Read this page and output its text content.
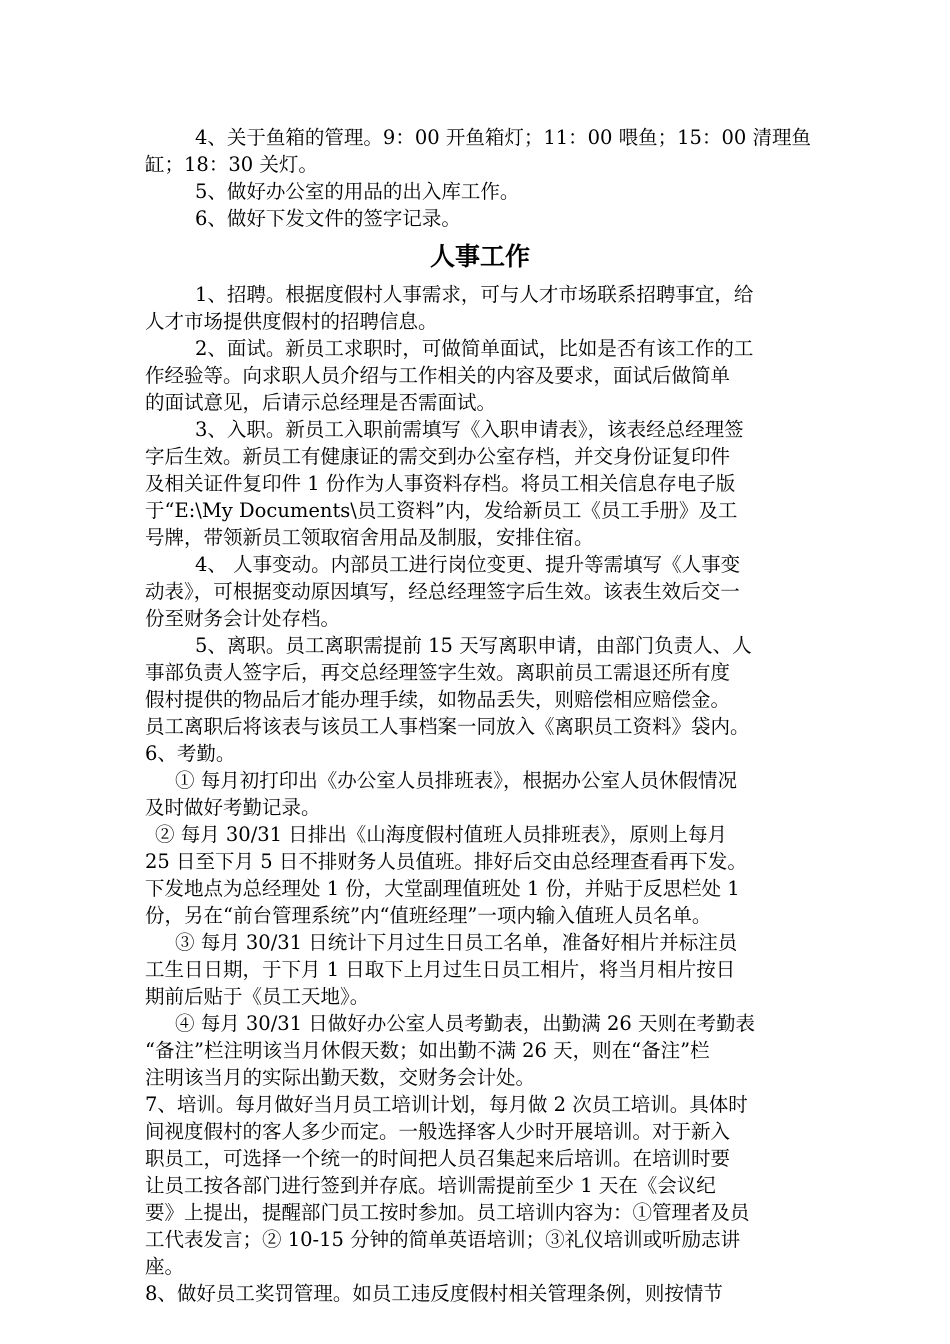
4、关于鱼箱的管理。9：00 开鱼箱灯；11：00 喂鱼；15：00 清理鱼
缸；18：30 关灯。
5、做好办公室的用品的出入库工作。
6、做好下发文件的签字记录。
人事工作
1、招聘。根据度假村人事需求，可与人才市场联系招聘事宜，给
人才市场提供度假村的招聘信息。
2、面试。新员工求职时，可做简单面试，比如是否有该工作的工
作经验等。向求职人员介绍与工作相关的内容及要求，面试后做简单
的面试意见，后请示总经理是否需面试。
3、入职。新员工入职前需填写《入职申请表》，该表经总经理签
字后生效。新员工有健康证的需交到办公室存档，并交身份证复印件
及相关证件复印件 1 份作为人事资料存档。将员工相关信息存电子版
于“E:\My Documents\员工资料”内，发给新员工《员工手册》及工
号牌，带领新员工领取宿舍用品及制服，安排住宿。
4、 人事变动。内部员工进行岗位变更、提升等需填写《人事变
动表》，可根据变动原因填写，经总经理签字后生效。该表生效后交一
份至财务会计处存档。
5、离职。员工离职需提前 15 天写离职申请，由部门负责人、人
事部负责人签字后，再交总经理签字生效。离职前员工需退还所有度
假村提供的物品后才能办理手续，如物品丢失，则赔偿相应赔偿金。
员工离职后将该表与该员工人事档案一同放入《离职员工资料》袋内。
6、考勤。
① 每月初打印出《办公室人员排班表》，根据办公室人员休假情况
及时做好考勤记录。
② 每月 30/31 日排出《山海度假村值班人员排班表》，原则上每月
25 日至下月 5 日不排财务人员值班。排好后交由总经理查看再下发。
下发地点为总经理处 1 份，大堂副理值班处 1 份，并贴于反思栏处 1
份，另在“前台管理系统”内“值班经理”一项内输入值班人员名单。
③ 每月 30/31 日统计下月过生日员工名单，准备好相片并标注员
工生日日期，于下月 1 日取下上月过生日员工相片，将当月相片按日
期前后贴于《员工天地》。
④ 每月 30/31 日做好办公室人员考勤表，出勤满 26 天则在考勤表
“备注”栏注明该当月休假天数；如出勤不满 26 天，则在“备注”栏
注明该当月的实际出勤天数，交财务会计处。
7、培训。每月做好当月员工培训计划，每月做 2 次员工培训。具体时
间视度假村的客人多少而定。一般选择客人少时开展培训。对于新入
职员工，可选择一个统一的时间把人员召集起来后培训。在培训时要
让员工按各部门进行签到并存底。培训需提前至少 1 天在《会议纪
要》上提出，提醒部门员工按时参加。员工培训内容为：①管理者及员
工代表发言；② 10-15 分钟的简单英语培训；③礼仪培训或听励志讲
座。
8、做好员工奖罚管理。如员工违反度假村相关管理条例，则按情节
